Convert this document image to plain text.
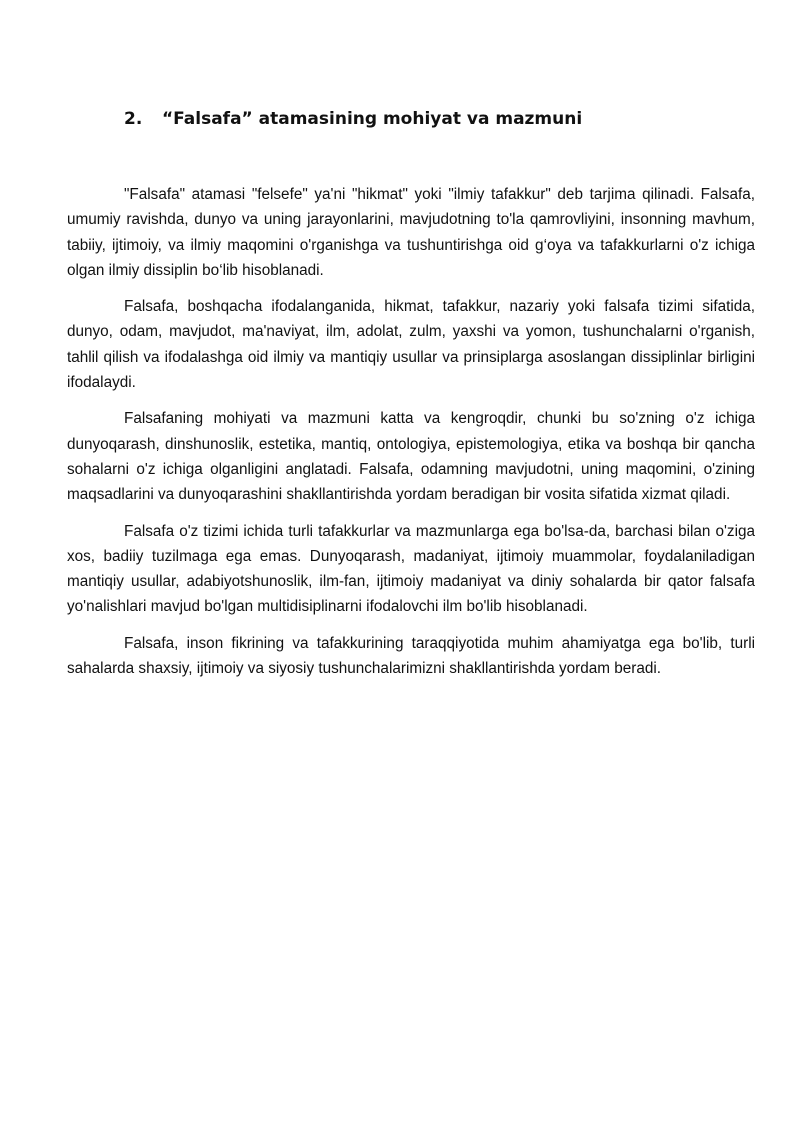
2. “Falsafa” atamasining mohiyat va mazmuni

"Falsafa" atamasi "felsefe" ya'ni "hikmat" yoki "ilmiy tafakkur" deb tarjima qilinadi. Falsafa, umumiy ravishda, dunyo va uning jarayonlarini, mavjudotning to'la qamrovliyini, insonning mavhum, tabiiy, ijtimoiy, va ilmiy maqomini o'rganishga va tushuntirishga oid g‘oya va tafakkurlarni o'z ichiga olgan ilmiy dissiplin bo‘lib hisoblanadi.

Falsafa, boshqacha ifodalanganida, hikmat, tafakkur, nazariy yoki falsafa tizimi sifatida, dunyo, odam, mavjudot, ma'naviyat, ilm, adolat, zulm, yaxshi va yomon, tushunchalarni o'rganish, tahlil qilish va ifodalashga oid ilmiy va mantiqiy usullar va prinsiplarga asoslangan dissiplinlar birligini ifodalaydi.

Falsafaning mohiyati va mazmuni katta va kengroqdir, chunki bu so'zning o'z ichiga dunyoqarash, dinshunoslik, estetika, mantiq, ontologiya, epistemologiya, etika va boshqa bir qancha sohalarni o'z ichiga olganligini anglatadi. Falsafa, odamning mavjudotni, uning maqomini, o'zining maqsadlarini va dunyoqarashini shakllantirishda yordam beradigan bir vosita sifatida xizmat qiladi.

Falsafa o'z tizimi ichida turli tafakkurlar va mazmunlarga ega bo'lsa-da, barchasi bilan o'ziga xos, badiiy tuzilmaga ega emas. Dunyoqarash, madaniyat, ijtimoiy muammolar, foydalaniladigan mantiqiy usullar, adabiyotshunoslik, ilm-fan, ijtimoiy madaniyat va diniy sohalarda bir qator falsafa yo'nalishlari mavjud bo'lgan multidisiplinarni ifodalovchi ilm bo'lib hisoblanadi.

Falsafa, inson fikrining va tafakkurining taraqqiyotida muhim ahamiyatga ega bo'lib, turli sahalarda shaxsiy, ijtimoiy va siyosiy tushunchalarimizni shakllantirishda yordam beradi.
